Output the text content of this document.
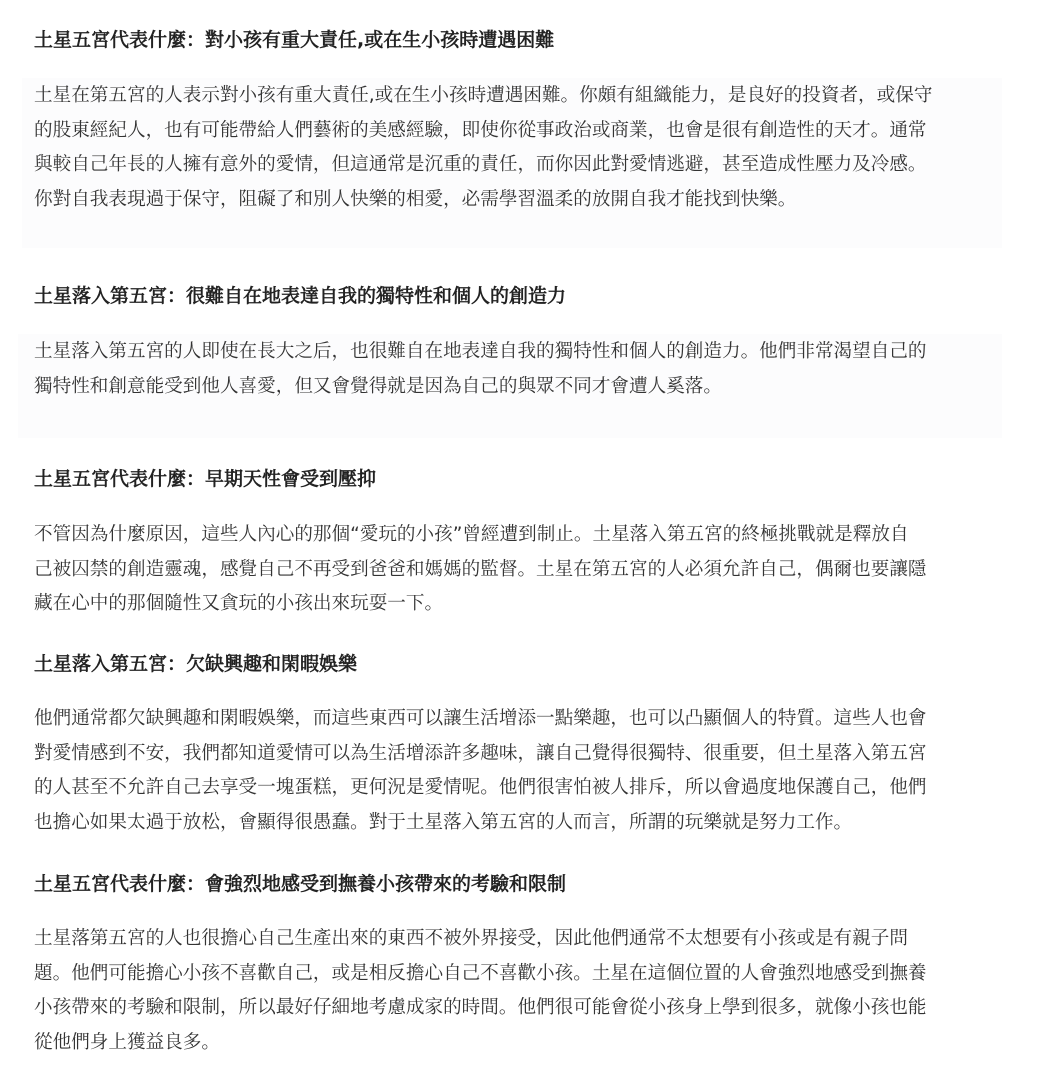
土星五宮代表什麼：對小孩有重大責任,或在生小孩時遭遇困難
土星在第五宮的人表示對小孩有重大責任,或在生小孩時遭遇困難。你頗有組織能力，是良好的投資者，或保守
的股東經紀人，也有可能帶給人們藝術的美感經驗，即使你從事政治或商業，也會是很有創造性的天才。通常
與較自己年長的人擁有意外的愛情，但這通常是沉重的責任，而你因此對愛情逃避，甚至造成性壓力及冷感。
你對自我表現過于保守，阻礙了和別人快樂的相愛，必需學習溫柔的放開自我才能找到快樂。
土星落入第五宮：很難自在地表達自我的獨特性和個人的創造力
土星落入第五宮的人即使在長大之后，也很難自在地表達自我的獨特性和個人的創造力。他們非常渴望自己的
獨特性和創意能受到他人喜愛，但又會覺得就是因為自己的與眾不同才會遭人奚落。
土星五宮代表什麼：早期天性會受到壓抑
不管因為什麼原因，這些人內心的那個“愛玩的小孩”曾經遭到制止。土星落入第五宮的終極挑戰就是釋放自
己被囚禁的創造靈魂，感覺自己不再受到爸爸和媽媽的監督。土星在第五宮的人必須允許自己，偶爾也要讓隱
藏在心中的那個隨性又貪玩的小孩出來玩耍一下。
土星落入第五宮：欠缺興趣和閑暇娛樂
他們通常都欠缺興趣和閑暇娛樂，而這些東西可以讓生活增添一點樂趣，也可以凸顯個人的特質。這些人也會
對愛情感到不安，我們都知道愛情可以為生活增添許多趣味，讓自己覺得很獨特、很重要，但土星落入第五宮
的人甚至不允許自己去享受一塊蛋糕，更何況是愛情呢。他們很害怕被人排斥，所以會過度地保護自己，他們
也擔心如果太過于放松，會顯得很愚蠢。對于土星落入第五宮的人而言，所謂的玩樂就是努力工作。
土星五宮代表什麼：會強烈地感受到撫養小孩帶來的考驗和限制
土星落第五宮的人也很擔心自己生產出來的東西不被外界接受，因此他們通常不太想要有小孩或是有親子問
題。他們可能擔心小孩不喜歡自己，或是相反擔心自己不喜歡小孩。土星在這個位置的人會強烈地感受到撫養
小孩帶來的考驗和限制，所以最好仔細地考慮成家的時間。他們很可能會從小孩身上學到很多，就像小孩也能
從他們身上獲益良多。
